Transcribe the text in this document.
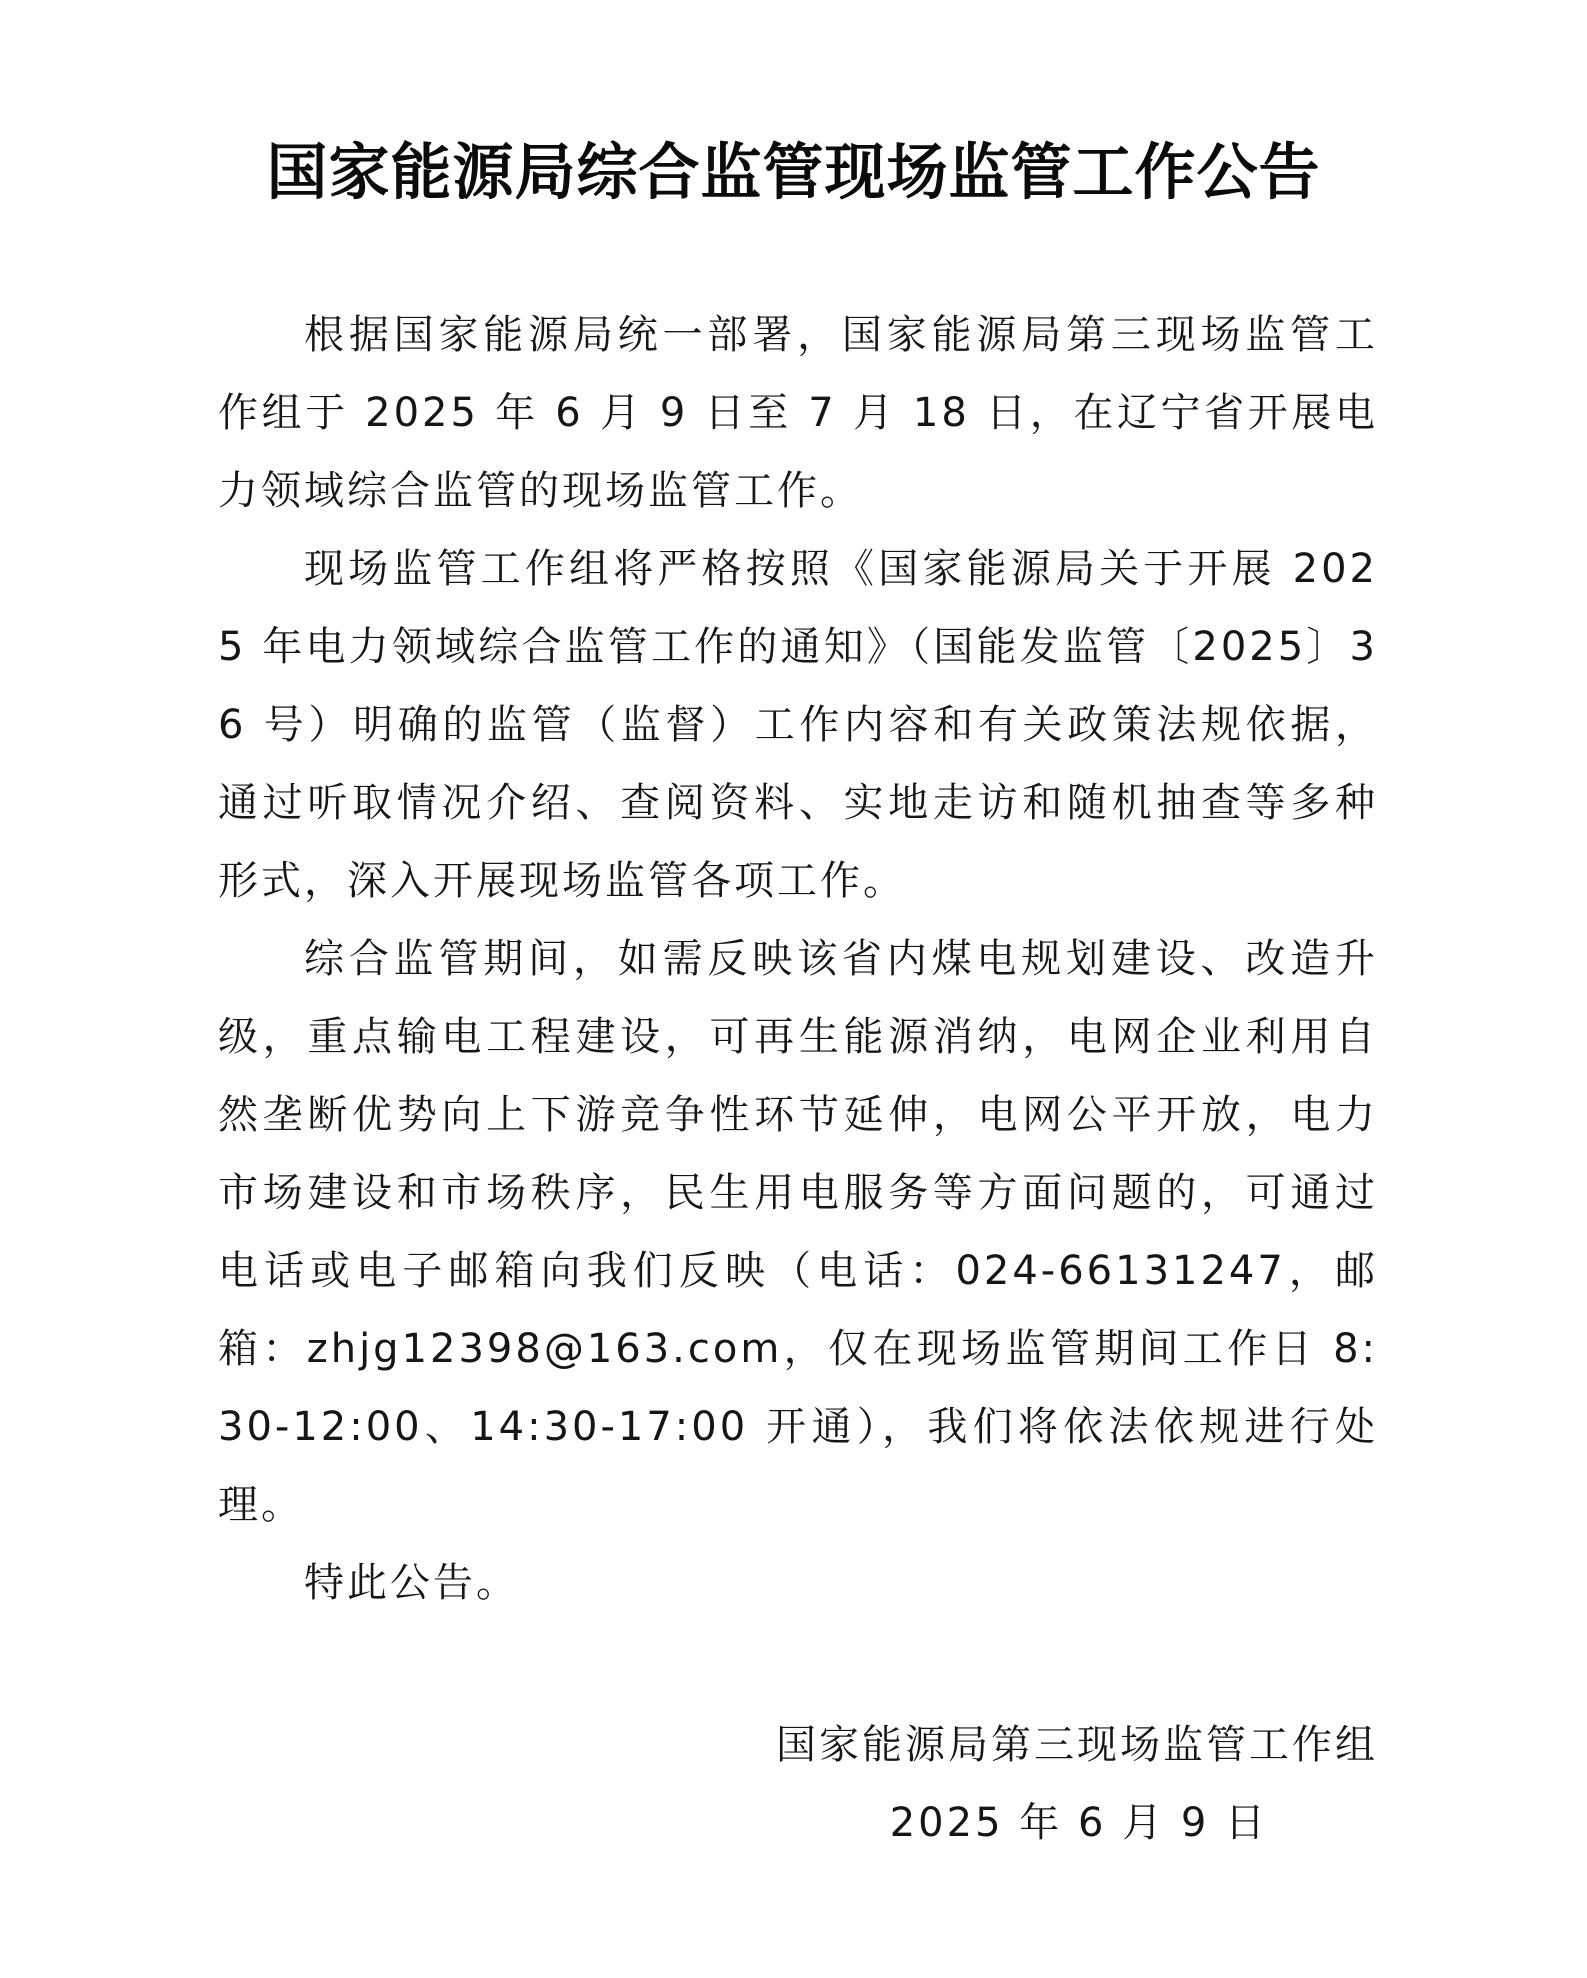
国家能源局综合监管现场监管工作公告

根据国家能源局统一部署，国家能源局第三现场监管工作组于 2025 年 6 月 9 日至 7 月 18 日，在辽宁省开展电力领域综合监管的现场监管工作。

现场监管工作组将严格按照《国家能源局关于开展 2025 年电力领域综合监管工作的通知》（国能发监管〔2025〕36 号）明确的监管（监督）工作内容和有关政策法规依据，通过听取情况介绍、查阅资料、实地走访和随机抽查等多种形式，深入开展现场监管各项工作。

综合监管期间，如需反映该省内煤电规划建设、改造升级，重点输电工程建设，可再生能源消纳，电网企业利用自然垄断优势向上下游竞争性环节延伸，电网公平开放，电力市场建设和市场秩序，民生用电服务等方面问题的，可通过电话或电子邮箱向我们反映（电话：024-66131247，邮箱：zhjg12398@163.com，仅在现场监管期间工作日 8:30-12:00、14:30-17:00 开通），我们将依法依规进行处理。

特此公告。

国家能源局第三现场监管工作组
2025 年 6 月 9 日
